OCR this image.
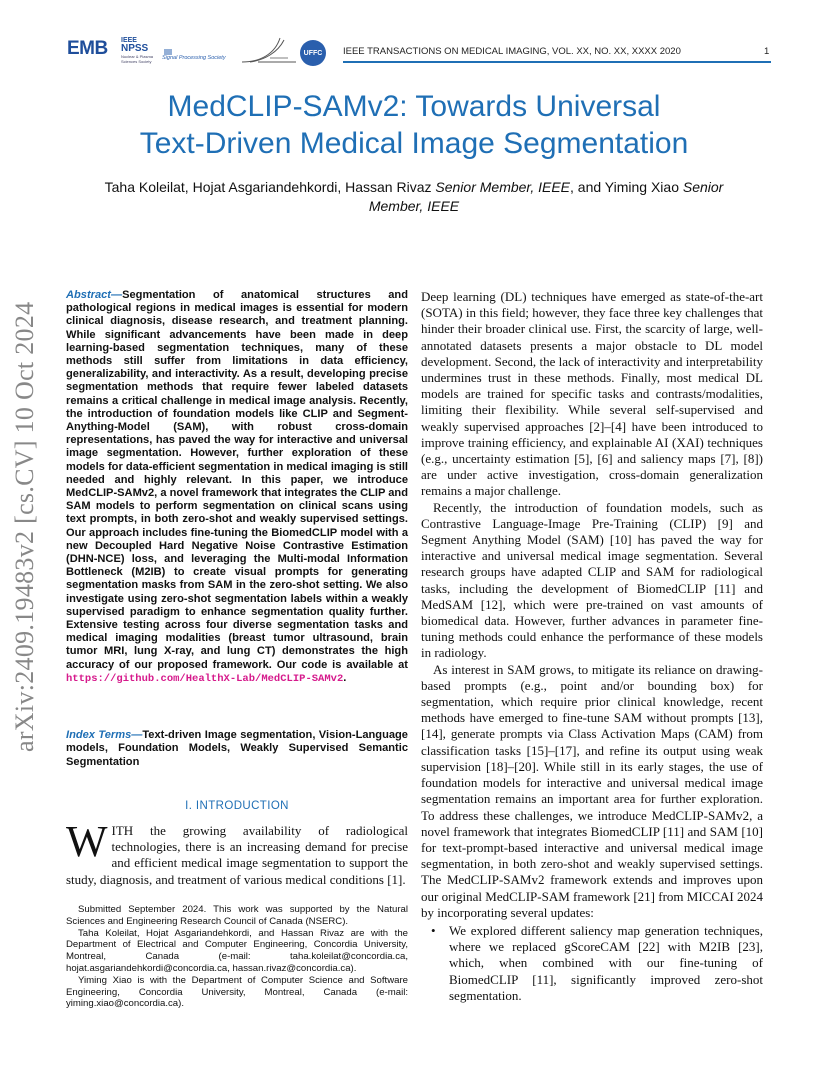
EMB IEEE
NPSS
Nuclear & Plasma Sciences Society
Signal Processing Society
UFFC	IEEE TRANSACTIONS ON MEDICAL IMAGING, VOL. XX, NO. XX, XXXX 2020	1
MedCLIP-SAMv2: Towards Universal
Text-Driven Medical Image Segmentation
Taha Koleilat, Hojat Asgariandehkordi, Hassan Rivaz Senior Member, IEEE, and Yiming Xiao Senior Member, IEEE
arXiv:2409.19483v2 [cs.CV] 10 Oct 2024
Abstract—Segmentation of anatomical structures and pathological regions in medical images is essential for modern clinical diagnosis, disease research, and treatment planning. While significant advancements have been made in deep learning-based segmentation techniques, many of these methods still suffer from limitations in data efficiency, generalizability, and interactivity. As a result, developing precise segmentation methods that require fewer labeled datasets remains a critical challenge in medical image analysis. Recently, the introduction of foundation models like CLIP and Segment-Anything-Model (SAM), with robust cross-domain representations, has paved the way for interactive and universal image segmentation. However, further exploration of these models for data-efficient segmentation in medical imaging is still needed and highly relevant. In this paper, we introduce MedCLIP-SAMv2, a novel framework that integrates the CLIP and SAM models to perform segmentation on clinical scans using text prompts, in both zero-shot and weakly supervised settings. Our approach includes fine-tuning the BiomedCLIP model with a new Decoupled Hard Negative Noise Contrastive Estimation (DHN-NCE) loss, and leveraging the Multi-modal Information Bottleneck (M2IB) to create visual prompts for generating segmentation masks from SAM in the zero-shot setting. We also investigate using zero-shot segmentation labels within a weakly supervised paradigm to enhance segmentation quality further. Extensive testing across four diverse segmentation tasks and medical imaging modalities (breast tumor ultrasound, brain tumor MRI, lung X-ray, and lung CT) demonstrates the high accuracy of our proposed framework. Our code is available at https://github.com/HealthX-Lab/MedCLIP-SAMv2.
Index Terms—Text-driven Image segmentation, Vision-Language models, Foundation Models, Weakly Supervised Semantic Segmentation
I. INTRODUCTION
WITH the growing availability of radiological technologies, there is an increasing demand for precise and efficient medical image segmentation to support the study, diagnosis, and treatment of various medical conditions [1].

Submitted September 2024. This work was supported by the Natural Sciences and Engineering Research Council of Canada (NSERC).

Taha Koleilat, Hojat Asgariandehkordi, and Hassan Rivaz are with the Department of Electrical and Computer Engineering, Concordia University, Montreal, Canada (e-mail: taha.koleilat@concordia.ca, hojat.asgariandehkordi@concordia.ca, hassan.rivaz@concordia.ca).

Yiming Xiao is with the Department of Computer Science and Software Engineering, Concordia University, Montreal, Canada (e-mail: yiming.xiao@concordia.ca).

Deep learning (DL) techniques have emerged as state-of-the-art (SOTA) in this field; however, they face three key challenges that hinder their broader clinical use. First, the scarcity of large, well-annotated datasets presents a major obstacle to DL model development. Second, the lack of interactivity and interpretability undermines trust in these methods. Finally, most medical DL models are trained for specific tasks and contrasts/modalities, limiting their flexibility. While several self-supervised and weakly supervised approaches [2]–[4] have been introduced to improve training efficiency, and explainable AI (XAI) techniques (e.g., uncertainty estimation [5], [6] and saliency maps [7], [8]) are under active investigation, cross-domain generalization remains a major challenge.

Recently, the introduction of foundation models, such as Contrastive Language-Image Pre-Training (CLIP) [9] and Segment Anything Model (SAM) [10] has paved the way for interactive and universal medical image segmentation. Several research groups have adapted CLIP and SAM for radiological tasks, including the development of BiomedCLIP [11] and MedSAM [12], which were pre-trained on vast amounts of biomedical data. However, further advances in parameter fine-tuning methods could enhance the performance of these models in radiology.

As interest in SAM grows, to mitigate its reliance on drawing-based prompts (e.g., point and/or bounding box) for segmentation, which require prior clinical knowledge, recent methods have emerged to fine-tune SAM without prompts [13], [14], generate prompts via Class Activation Maps (CAM) from classification tasks [15]–[17], and refine its output using weak supervision [18]–[20]. While still in its early stages, the use of foundation models for interactive and universal medical image segmentation remains an important area for further exploration. To address these challenges, we introduce MedCLIP-SAMv2, a novel framework that integrates BiomedCLIP [11] and SAM [10] for text-prompt-based interactive and universal medical image segmentation, in both zero-shot and weakly supervised settings. The MedCLIP-SAMv2 framework extends and improves upon our original MedCLIP-SAM framework [21] from MICCAI 2024 by incorporating several updates:

• We explored different saliency map generation techniques, where we replaced gScoreCAM [22] with M2IB [23], which, when combined with our fine-tuning of BiomedCLIP [11], significantly improved zero-shot segmentation.
